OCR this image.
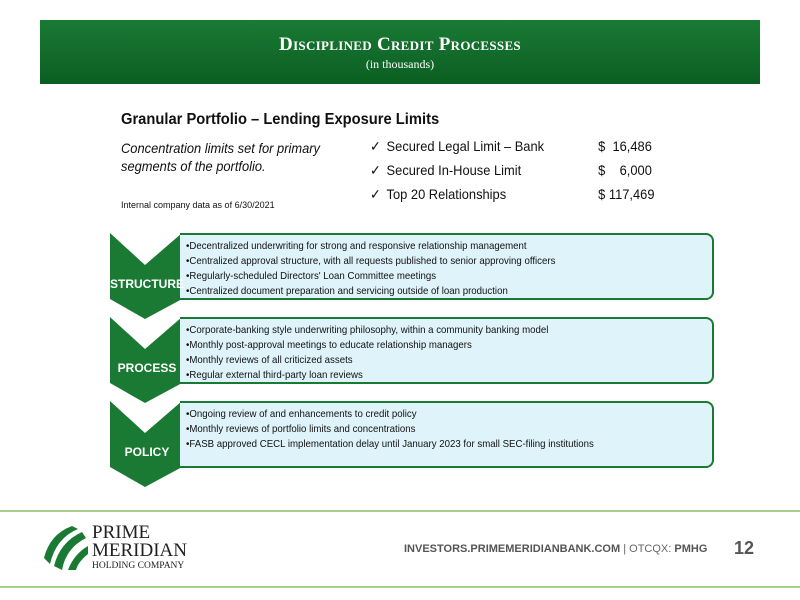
Disciplined Credit Processes
(in thousands)
Granular Portfolio – Lending Exposure Limits
Concentration limits set for primary segments of the portfolio.
Internal company data as of 6/30/2021
✓ Secured Legal Limit – Bank	$  16,486
✓ Secured In-House Limit	$    6,000
✓ Top 20 Relationships	$ 117,469
•Decentralized underwriting for strong and responsive relationship management
•Centralized approval structure, with all requests published to senior approving officers
•Regularly-scheduled Directors' Loan Committee meetings
•Centralized document preparation and servicing outside of loan production
STRUCTURE
•Corporate-banking style underwriting philosophy, within a community banking model
•Monthly post-approval meetings to educate relationship managers
•Monthly reviews of all criticized assets
•Regular external third-party loan reviews
PROCESS
•Ongoing review of and enhancements to credit policy
•Monthly reviews of portfolio limits and concentrations
•FASB approved CECL implementation delay until January 2023 for small SEC-filing institutions
POLICY
PRIME
MERIDIAN
HOLDING COMPANY
INVESTORS.PRIMEMERIDIANBANK.COM | OTCQX: PMHG 12
